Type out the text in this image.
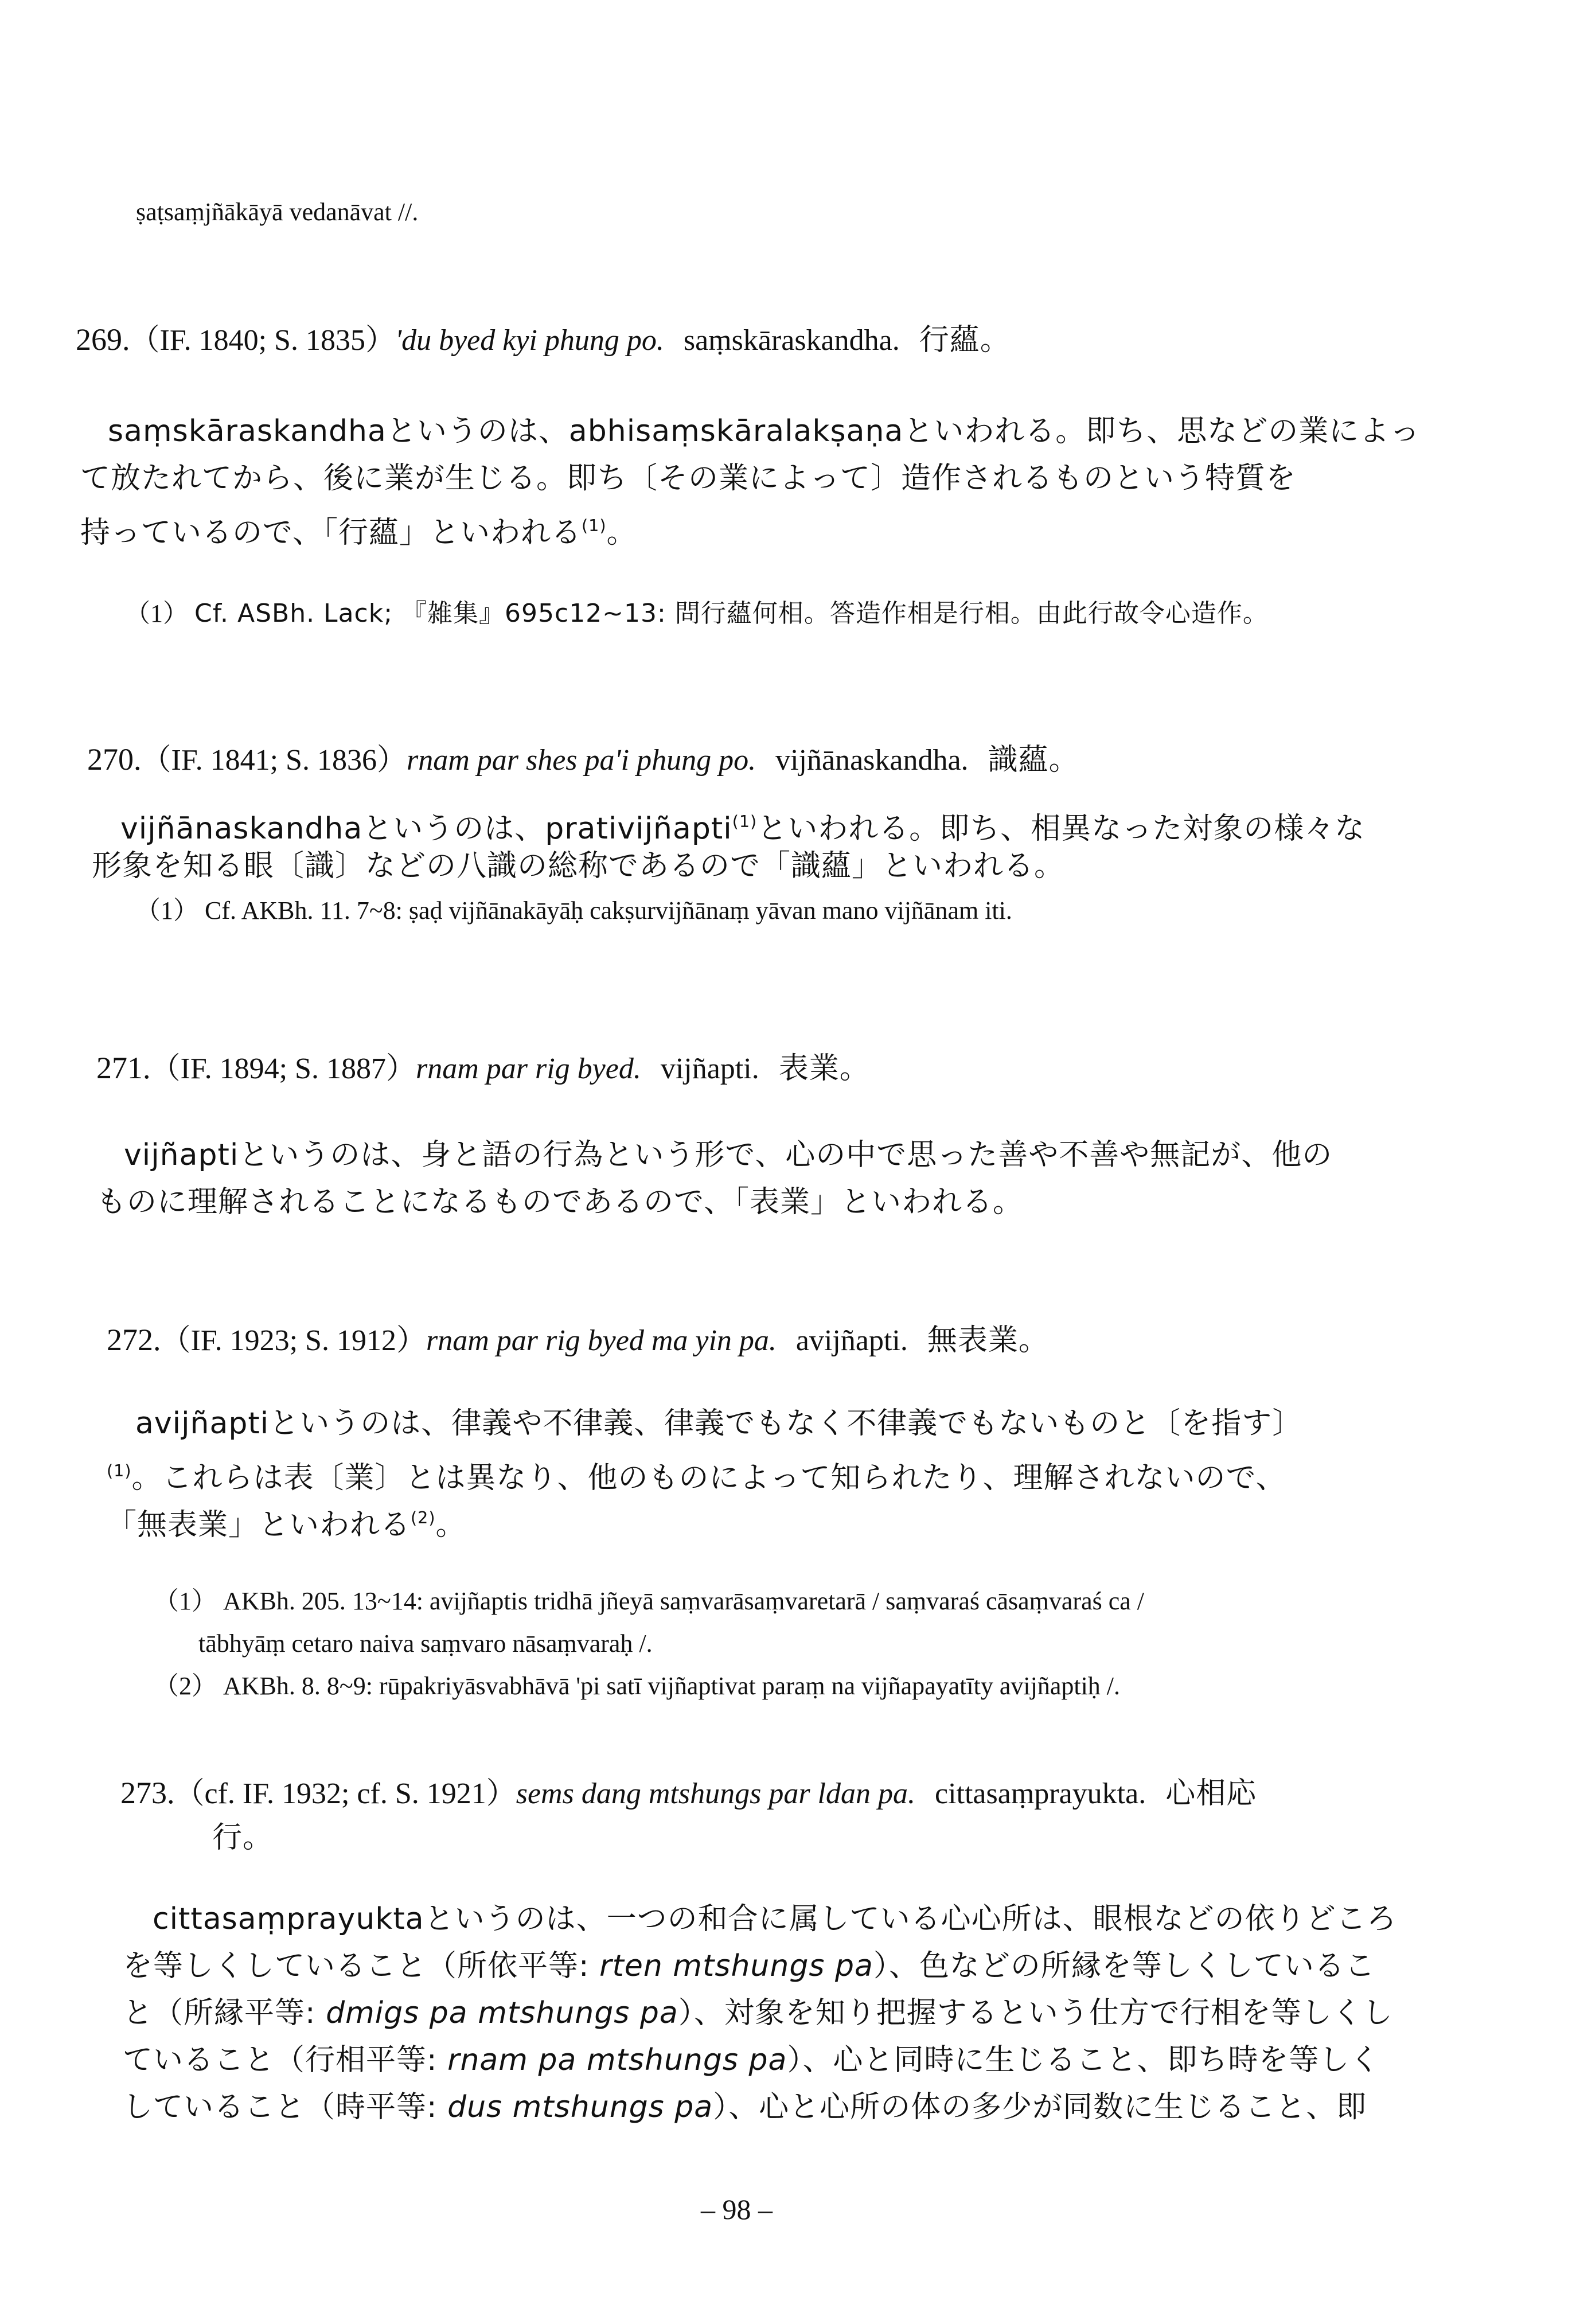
ṣaṭsaṃjñākāyā vedanāvat //.
269.（IF. 1840; S. 1835）'du byed kyi phung po. saṃskāraskandha. 行蘊。
saṃskāraskandhaというのは、abhisaṃskāralakṣaṇaといわれる。即ち、思などの業によっ
て放たれてから、後に業が生じる。即ち〔その業によって〕造作されるものという特質を
持っているので、「行蘊」といわれる$^{(1)}$。
（1） Cf. ASBh. Lack; 『雑集』695c12~13: 問行蘊何相。答造作相是行相。由此行故令心造作。
270.（IF. 1841; S. 1836）rnam par shes pa'i phung po. vijñānaskandha. 識蘊。
vijñānaskandhaというのは、prativijñapti$^{(1)}$といわれる。即ち、相異なった対象の様々な
形象を知る眼〔識〕などの八識の総称であるので「識蘊」といわれる。
（1） Cf. AKBh. 11. 7~8: ṣaḍ vijñānakāyāḥ cakṣurvijñānaṃ yāvan mano vijñānam iti.
271.（IF. 1894; S. 1887）rnam par rig byed. vijñapti. 表業。
vijñaptiというのは、身と語の行為という形で、心の中で思った善や不善や無記が、他の
ものに理解されることになるものであるので、「表業」といわれる。
272.（IF. 1923; S. 1912）rnam par rig byed ma yin pa. avijñapti. 無表業。
avijñaptiというのは、律義や不律義、律義でもなく不律義でもないものと〔を指す〕
$^{(1)}$。これらは表〔業〕とは異なり、他のものによって知られたり、理解されないので、
「無表業」といわれる$^{(2)}$。
（1） AKBh. 205. 13~14: avijñaptis tridhā jñeyā saṃvarāsaṃvaretarā / saṃvaraś cāsaṃvaraś ca /
tābhyāṃ cetaro naiva saṃvaro nāsaṃvaraḥ /.
（2） AKBh. 8. 8~9: rūpakriyāsvabhāvā 'pi satī vijñaptivat paraṃ na vijñapayatīty avijñaptiḥ /.
273.（cf. IF. 1932; cf. S. 1921）sems dang mtshungs par ldan pa. cittasaṃprayukta. 心相応
行。
cittasaṃprayuktaというのは、一つの和合に属している心心所は、眼根などの依りどころ
を等しくしていること（所依平等: rten mtshungs pa）、色などの所縁を等しくしているこ
と（所縁平等: dmigs pa mtshungs pa）、対象を知り把握するという仕方で行相を等しくし
ていること（行相平等: rnam pa mtshungs pa）、心と同時に生じること、即ち時を等しく
していること（時平等: dus mtshungs pa）、心と心所の体の多少が同数に生じること、即
– 98 –
